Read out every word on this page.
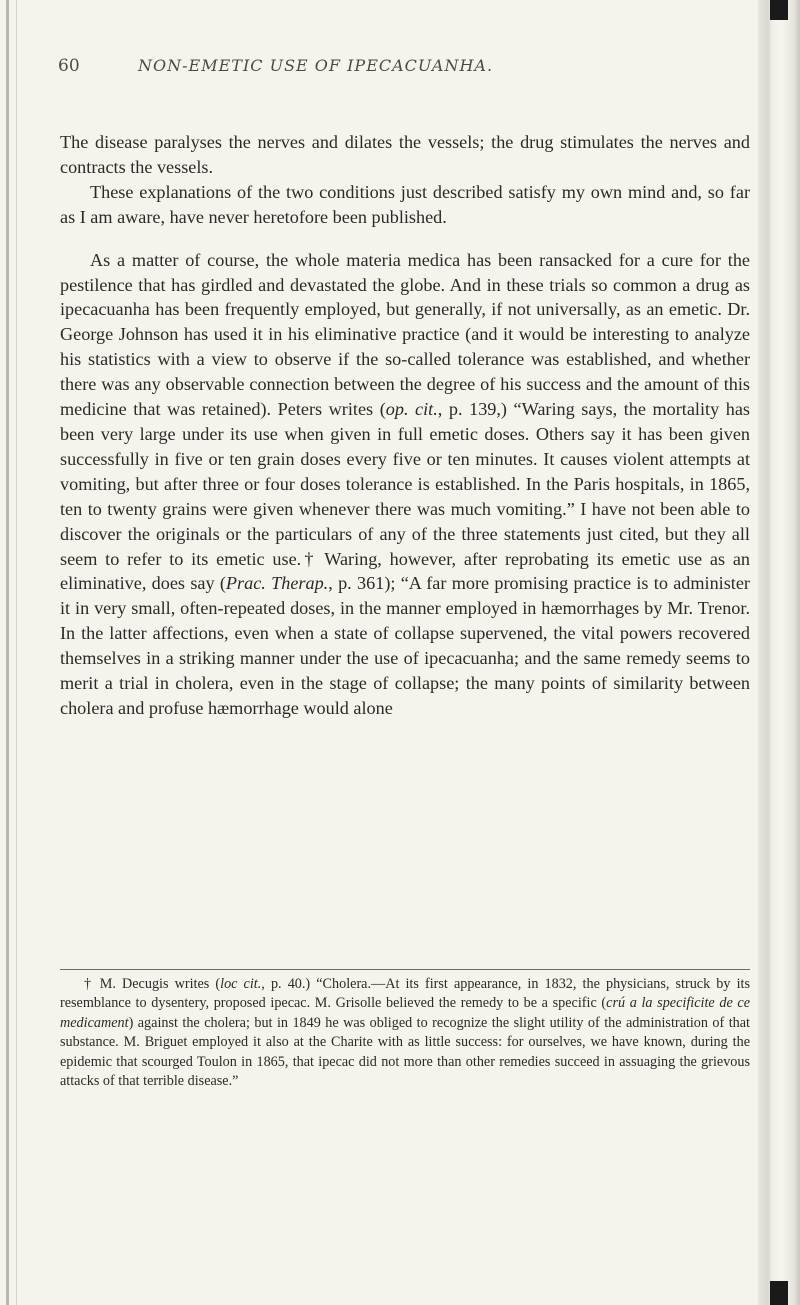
60	NON-EMETIC USE OF IPECACUANHA.

The disease paralyses the nerves and dilates the vessels; the drug stimulates the nerves and contracts the vessels.

These explanations of the two conditions just described satisfy my own mind and, so far as I am aware, have never heretofore been published.

As a matter of course, the whole materia medica has been ransacked for a cure for the pestilence that has girdled and devastated the globe. And in these trials so common a drug as ipecacuanha has been frequently employed, but generally, if not universally, as an emetic. Dr. George Johnson has used it in his eliminative practice (and it would be interesting to analyze his statistics with a view to observe if the so-called tolerance was established, and whether there was any observable connection between the degree of his success and the amount of this medicine that was retained). Peters writes (op. cit., p. 139,) “Waring says, the mortality has been very large under its use when given in full emetic doses. Others say it has been given successfully in five or ten grain doses every five or ten minutes. It causes violent attempts at vomiting, but after three or four doses tolerance is established. In the Paris hospitals, in 1865, ten to twenty grains were given whenever there was much vomiting.” I have not been able to discover the originals or the particulars of any of the three statements just cited, but they all seem to refer to its emetic use.† Waring, however, after reprobating its emetic use as an eliminative, does say (Prac. Therap., p. 361); “A far more promising practice is to administer it in very small, often-repeated doses, in the manner employed in hæmorrhages by Mr. Trenor. In the latter affections, even when a state of collapse supervened, the vital powers recovered themselves in a striking manner under the use of ipecacuanha; and the same remedy seems to merit a trial in cholera, even in the stage of collapse; the many points of similarity between cholera and profuse hæmorrhage would alone

† M. Decugis writes (loc cit., p. 40.) “Cholera.—At its first appearance, in 1832, the physicians, struck by its resemblance to dysentery, proposed ipecac. M. Grisolle believed the remedy to be a specific (crú a la specificite de ce medicament) against the cholera; but in 1849 he was obliged to recognize the slight utility of the administration of that substance. M. Briguet employed it also at the Charite with as little success: for ourselves, we have known, during the epidemic that scourged Toulon in 1865, that ipecac did not more than other remedies succeed in assuaging the grievous attacks of that terrible disease.”
